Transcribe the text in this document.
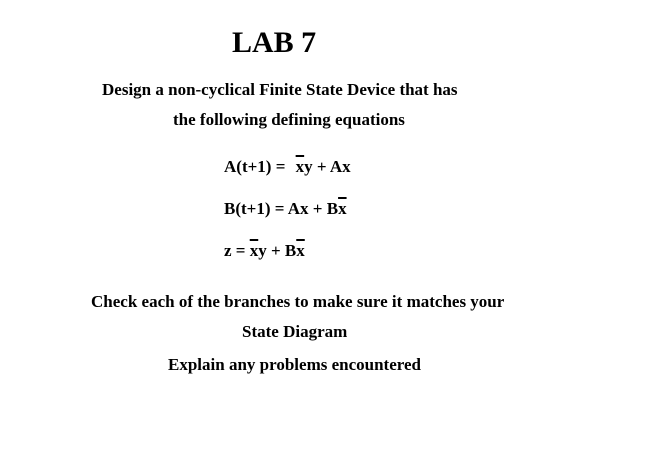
LAB 7
Design a non-cyclical Finite State Device that has
the following defining equations
$A(t+1) = \overline{x}y + Ax$
$B(t+1) = Ax + B\overline{x}$
$z = \overline{x}y + B\overline{x}$
Check each of the branches to make sure it matches your
State Diagram
Explain any problems encountered
